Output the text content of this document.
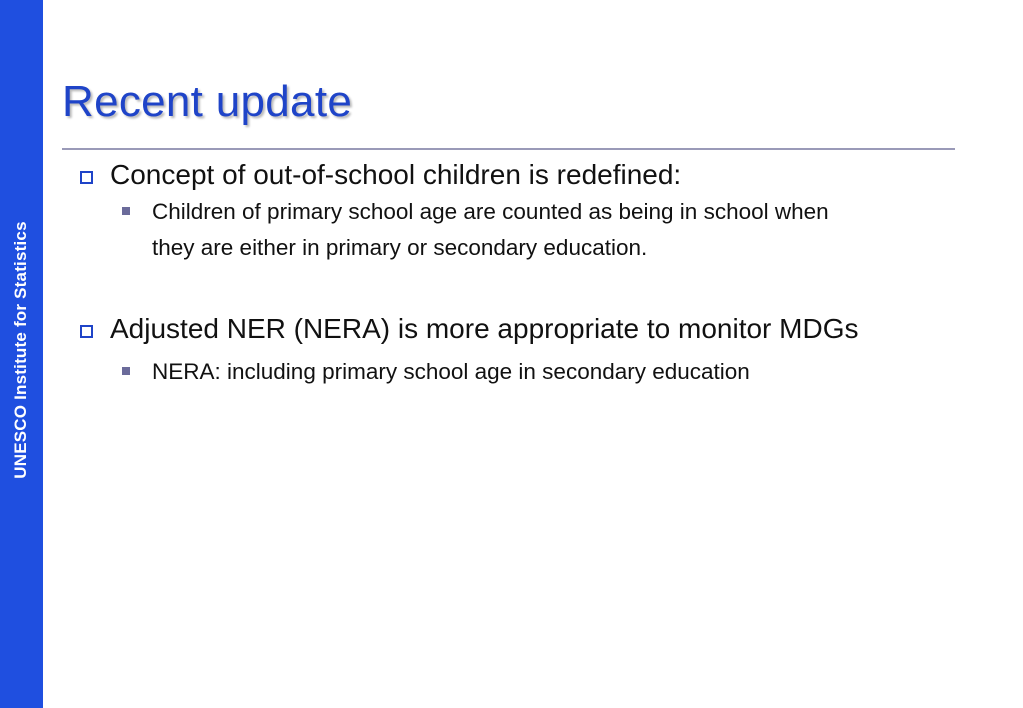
UNESCO Institute for Statistics
Recent update
Concept of out-of-school children is redefined:
Children of primary school age are counted as being in school when they are either in primary or secondary education.
Adjusted NER (NERA) is more appropriate to monitor MDGs
NERA: including primary school age in secondary education
